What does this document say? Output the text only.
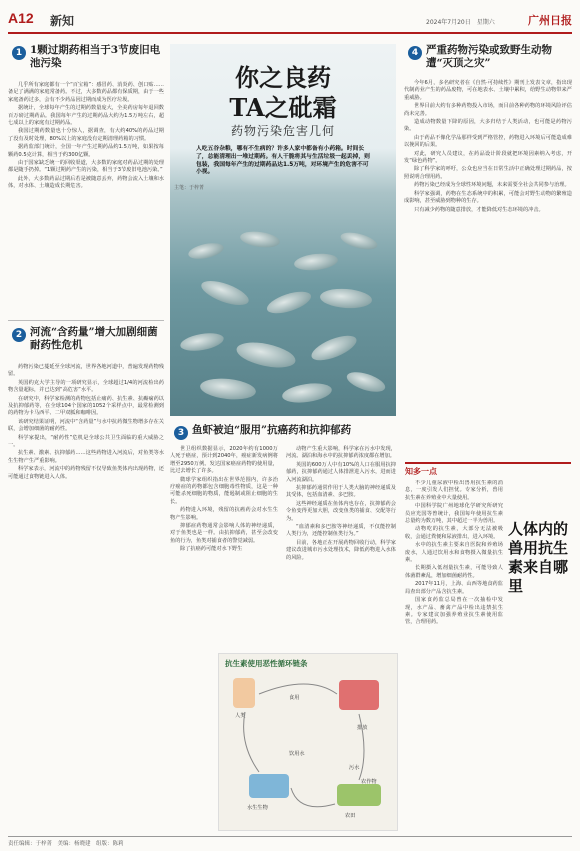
A12 新知	2024年7月20日　星期六	广州日报
1 1颗过期药相当于3节废旧电池污染

几乎所有家庭都有一个“百宝箱”：感冒药、消炎药、创口贴……备足了满满的家庭常备药。不过，大多数药品都有保质期，由于一些家庭备药过多，会有不少药品因过期而成为医疗垃圾。

据统计，全球每年产生的过期药数量庞大，全美药房每年退回数百万磅过期药品。我国每年产生的过期药品大约为1.5万吨左右，超七成以上的家庭有过期药品。

我国过期药数量也十分惊人，据调查，有大约40%的药品过期了没有及时处理，80%以上的家庭没有定期清理药箱的习惯。

据药监部门统计，全国一年产生过期药品约1.5万吨，如果按每颗药0.5克计算，相当于约300亿颗。

由于国家缺乏统一的回收渠道，大多数的家庭对药品过期的处理都是随手扔掉。“1颗过期药产生的污染，相当于3节废旧电池污染。”

此外，大多数药品过期后若是被随意丢弃，药物会流入土壤和水体，对水体、土壤造成长期危害。

2 河流“含药量”增大加剧细菌耐药性危机

药物污染已蔓延至全球河流，世界各地河道中，普遍发现药物残留。

英国约克大学主导的一项研究显示，全球超过1/4的河流检出药物含量超标，并已达到“高危害”水平。

在研究中，科学家检测的药物包括止痛药、抗生素、抗癫痫药以及抗抑郁药等，在全球104个国家的1052个采样点中，最常检测到的药物为卡马西平、二甲双胍和咖啡因。

该研究结果证明，河流中“含药量”与水中抗药微生物增多存在关联，会增加细菌的耐药性。

科学家提出，“耐药性”危机是全球公共卫生面临的重大威胁之一。

抗生素、激素、抗抑郁药……这些药物进入河流后，对鱼类等水生生物产生严重影响。

科学家表示，河流中的药物残留不仅导致鱼类体内出现药物，还可能通过食物链进入人体。

你之良药
TA之砒霜
药物污染危害几何
人吃五谷杂粮，哪有不生病的？许多人家中都备有小药箱。时间长了，总能清理出一堆过期药。有人干脆将其与生活垃圾一起丢掉，则包装，我国每年产生的过期药品达1.5万吨，对环境产生的危害不可小视。
主笔：于梓菁
3 鱼虾被迫“服用”抗癌药和抗抑郁药

世卫组织数据显示，2020年约有1000万人死于癌症，预计到2040年，癌症新发病例将增至2950万例。发达国家癌症药物的使用量，比过去增长了许多。

微球学家组织指出在世界范围内，许多治疗癌症的药物都包含细胞毒性物质，这是一种可能杀死细胞的物质，能遏制或阻止细胞的生长。

药物进入环境，残留的抗癌药会对水生生物产生影响。

抑郁症药物通常会影响人体的神经递质，对于鱼类也是一样。由抗抑郁药，甚至会改变鱼的行为，鱼类对捕食者的警觉减弱。

除了抗癌药可能对水下野生

动物产生重大影响，科学家在污水中发现，河流、湖泊和海水中的抗抑郁药浓度都在增加。

英国的600万人中有10%的人口在服用抗抑郁药，抗抑郁药通过人体排泄进入污水，进而进入河流湖泊。

抗抑郁药通常作用于人类大脑的神经递质及其受体，包括血清素、多巴胺。

这些神经递质在鱼体内也存在，抗抑郁药会令鱼变得更加大胆，改变鱼类的捕食、交配等行为。

“血清素和多巴胺等神经递质，不仅能控制人类行为，还能控制鱼类行为。”

目前，各地正在开展药物回收行动，科学家建议改进城市污水处理技术，降低药物进入水体的风险。

抗生素使用恶性循环链条
人类
食用
排放
饮用水
污水
水生生物
农作物
农田
4 严重药物污染或致野生动物遭“灭顶之灾”

今年6月，多名研究者在《自然·可持续性》期刊上发表文章，指出现代制药业产生的药品废物，可在地表水、土壤中累积，给野生动物带来严重威胁。

世界目前大约有多种药物投入市场，而目前各种药物的环境风险评估尚未完善。

造成动物数量下降的原因，大多归结于人类活动，也可能是药物污染。

由于药品不像化学品那样受到严格管控，药物进入环境后可能造成难以挽回的后果。

对此，研究人员建议，在药品设计阶段就把环境因素纳入考虑，开发“绿色药物”。

除了科学家的呼吁，公众也应当在日常生活中正确处理过期药品，按照说明合理用药。

药物污染已经成为全球性环境问题，未来需要全社会共同参与治理。

科学家强调，药物在生态系统中的积累，可能会对野生动物的繁殖造成影响，甚至威胁到物种的生存。

只有减少药物的随意排放，才能降低对生态环境的冲击。

知多一点

不少儿童尿液中检出兽用抗生素的消息，一度引发人们担忧。专家分析，兽用抗生素在养殖业中大量使用。

中国科学院广州地球化学研究所研究员应光国等曾统计，我国每年使用抗生素总量约为数万吨，其中超过一半为兽用。

动物吃的抗生素，大部分无法被吸收，会通过粪便和尿液排出，进入环境。

水中的抗生素主要来自医院和养殖场废水，人通过饮用水和食物摄入微量抗生素。

长期摄入低剂量抗生素，可能导致人体菌群紊乱，增加细菌耐药性。

2017年11月，上海、山西等地食药监局查出部分产品含抗生素。

国家食药监总局曾在一次抽检中发现，水产品、畜禽产品中检出违禁抗生素。专家建议加强养殖业抗生素使用监管，合理用药。

人体内的兽用抗生素来自哪里
责任编辑：于梓菁　美编：杨晓建　组版：陈莉
